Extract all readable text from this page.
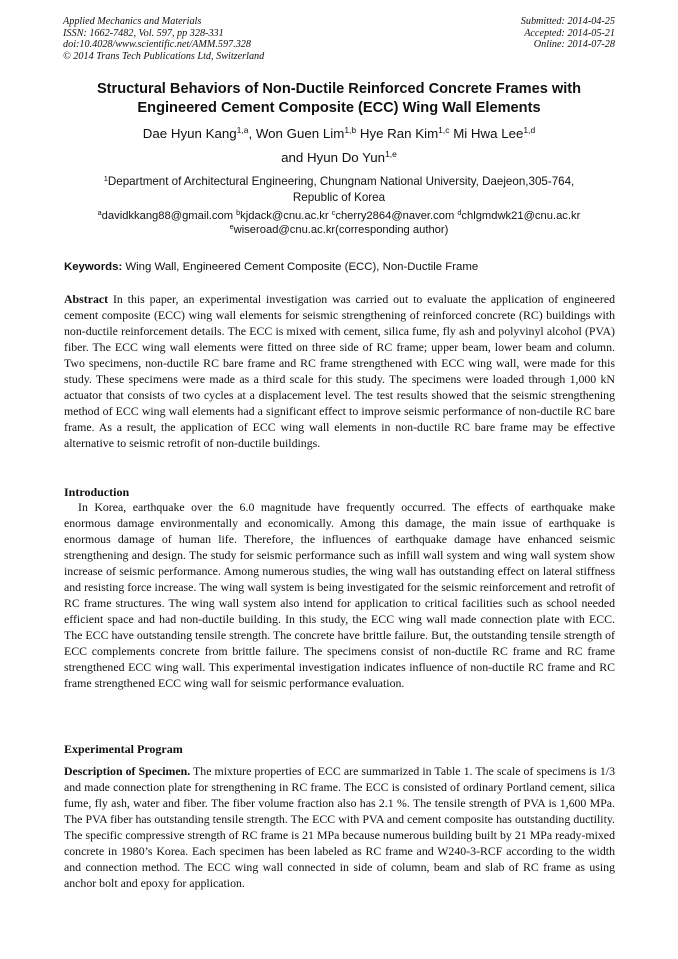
Applied Mechanics and Materials
ISSN: 1662-7482, Vol. 597, pp 328-331
doi:10.4028/www.scientific.net/AMM.597.328
© 2014 Trans Tech Publications Ltd, Switzerland
Submitted: 2014-04-25
Accepted: 2014-05-21
Online: 2014-07-28
Structural Behaviors of Non-Ductile Reinforced Concrete Frames with
Engineered Cement Composite (ECC) Wing Wall Elements
Dae Hyun Kang$^{1,a}$, Won Guen Lim$^{1,b}$ Hye Ran Kim$^{1,c}$ Mi Hwa Lee$^{1,d}$
and Hyun Do Yun$^{1,e}$
$^1$Department of Architectural Engineering, Chungnam National University, Daejeon,305-764,
Republic of Korea
$^a$davidkkang88@gmail.com $^b$kjdack@cnu.ac.kr $^c$cherry2864@naver.com $^d$chlgmdwk21@cnu.ac.kr
$^e$wiseroad@cnu.ac.kr(corresponding author)
Keywords: Wing Wall, Engineered Cement Composite (ECC), Non-Ductile Frame
Abstract In this paper, an experimental investigation was carried out to evaluate the application of engineered cement composite (ECC) wing wall elements for seismic strengthening of reinforced concrete (RC) buildings with non-ductile reinforcement details. The ECC is mixed with cement, silica fume, fly ash and polyvinyl alcohol (PVA) fiber. The ECC wing wall elements were fitted on three side of RC frame; upper beam, lower beam and column. Two specimens, non-ductile RC bare frame and RC frame strengthened with ECC wing wall, were made for this study. These specimens were made as a third scale for this study. The specimens were loaded through 1,000 kN actuator that consists of two cycles at a displacement level. The test results showed that the seismic strengthening method of ECC wing wall elements had a significant effect to improve seismic performance of non-ductile RC bare frame. As a result, the application of ECC wing wall elements in non-ductile RC bare frame may be effective alternative to seismic retrofit of non-ductile buildings.
Introduction
In Korea, earthquake over the 6.0 magnitude have frequently occurred. The effects of earthquake make enormous damage environmentally and economically. Among this damage, the main issue of earthquake is enormous damage of human life. Therefore, the influences of earthquake damage have enhanced seismic strengthening and design. The study for seismic performance such as infill wall system and wing wall system show increase of seismic performance. Among numerous studies, the wing wall has outstanding effect on lateral stiffness and resisting force increase. The wing wall system is being investigated for the seismic reinforcement and retrofit of RC frame structures. The wing wall system also intend for application to critical facilities such as school needed efficient space and had non-ductile building. In this study, the ECC wing wall made connection plate with ECC. The ECC have outstanding tensile strength. The concrete have brittle failure. But, the outstanding tensile strength of ECC complements concrete from brittle failure. The specimens consist of non-ductile RC frame and RC frame strengthened ECC wing wall. This experimental investigation indicates influence of non-ductile RC frame and RC frame strengthened ECC wing wall for seismic performance evaluation.
Experimental Program
Description of Specimen. The mixture properties of ECC are summarized in Table 1. The scale of specimens is 1/3 and made connection plate for strengthening in RC frame. The ECC is consisted of ordinary Portland cement, silica fume, fly ash, water and fiber. The fiber volume fraction also has 2.1 %. The tensile strength of PVA is 1,600 MPa. The PVA fiber has outstanding tensile strength. The ECC with PVA and cement composite has outstanding ductility. The specific compressive strength of RC frame is 21 MPa because numerous building built by 21 MPa ready-mixed concrete in 1980’s Korea. Each specimen has been labeled as RC frame and W240-3-RCF according to the width and connection method. The ECC wing wall connected in side of column, beam and slab of RC frame as using anchor bolt and epoxy for application.
